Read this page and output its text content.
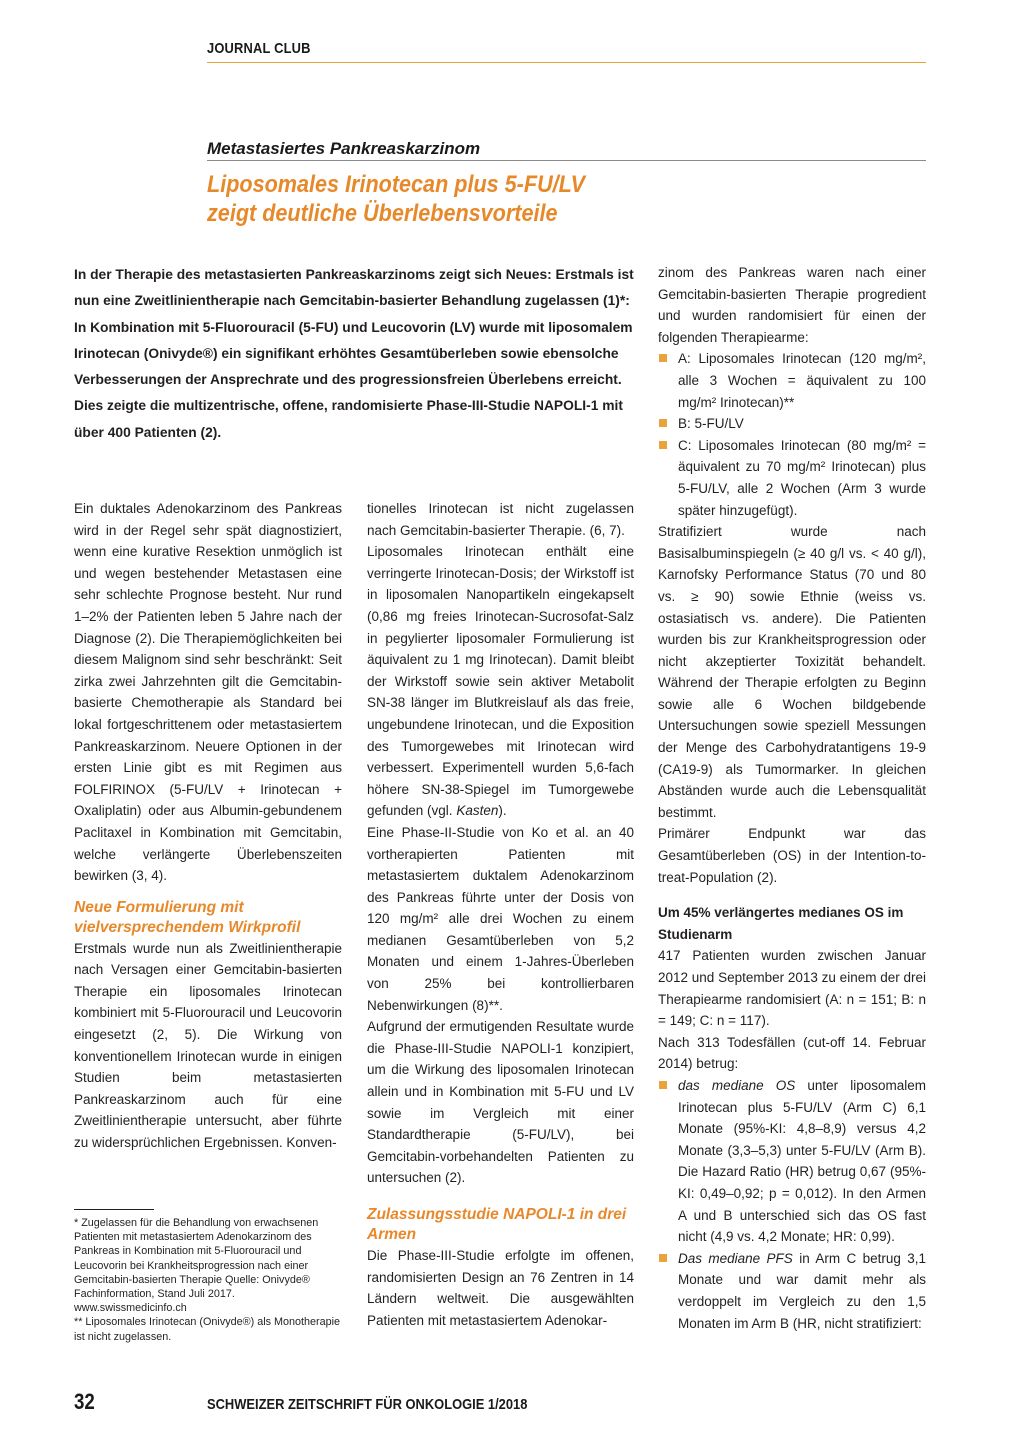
JOURNAL CLUB
Metastasiertes Pankreaskarzinom
Liposomales Irinotecan plus 5-FU/LV
zeigt deutliche Überlebensvorteile

In der Therapie des metastasierten Pankreaskarzinoms zeigt sich Neues: Erstmals ist nun eine Zweitlinientherapie nach Gemcitabin-basierter Behandlung zugelassen (1)*: In Kombination mit 5-Fluorouracil (5-FU) und Leucovorin (LV) wurde mit liposomalem Irinotecan (Onivyde®) ein signifikant erhöhtes Gesamtüberleben sowie ebensolche Verbesserungen der Ansprechrate und des progressionsfreien Überlebens erreicht. Dies zeigte die multizentrische, offene, randomisierte Phase-III-Studie NAPOLI-1 mit über 400 Patienten (2).

Ein duktales Adenokarzinom des Pankreas wird in der Regel sehr spät diagnostiziert, wenn eine kurative Resektion unmöglich ist und wegen bestehender Metastasen eine sehr schlechte Prognose besteht. Nur rund 1–2% der Patienten leben 5 Jahre nach der Diagnose (2). Die Therapiemöglichkeiten bei diesem Malignom sind sehr beschränkt: Seit zirka zwei Jahrzehnten gilt die Gemcitabin-basierte Chemotherapie als Standard bei lokal fortgeschrittenem oder metastasiertem Pankreaskarzinom. Neuere Optionen in der ersten Linie gibt es mit Regimen aus FOLFIRINOX (5-FU/LV + Irinotecan + Oxaliplatin) oder aus Albumin-gebundenem Paclitaxel in Kombination mit Gemcitabin, welche verlängerte Überlebenszeiten bewirken (3, 4).

Neue Formulierung mit vielversprechendem Wirkprofil

Erstmals wurde nun als Zweitlinientherapie nach Versagen einer Gemcitabin-basierten Therapie ein liposomales Irinotecan kombiniert mit 5-Fluorouracil und Leucovorin eingesetzt (2, 5). Die Wirkung von konventionellem Irinotecan wurde in einigen Studien beim metastasierten Pankreaskarzinom auch für eine Zweitlinientherapie untersucht, aber führte zu widersprüchlichen Ergebnissen. Konven-

* Zugelassen für die Behandlung von erwachsenen Patienten mit metastasiertem Adenokarzinom des Pankreas in Kombination mit 5-Fluorouracil und Leucovorin bei Krankheitsprogression nach einer Gemcitabin-basierten Therapie Quelle: Onivyde® Fachinformation, Stand Juli 2017. www.swissmedicinfo.ch

** Liposomales Irinotecan (Onivyde®) als Monotherapie ist nicht zugelassen.

tionelles Irinotecan ist nicht zugelassen nach Gemcitabin-basierter Therapie. (6, 7).

Liposomales Irinotecan enthält eine verringerte Irinotecan-Dosis; der Wirkstoff ist in liposomalen Nanopartikeln eingekapselt (0,86 mg freies Irinotecan-Sucrosofat-Salz in pegylierter liposomaler Formulierung ist äquivalent zu 1 mg Irinotecan). Damit bleibt der Wirkstoff sowie sein aktiver Metabolit SN-38 länger im Blutkreislauf als das freie, ungebundene Irinotecan, und die Exposition des Tumorgewebes mit Irinotecan wird verbessert. Experimentell wurden 5,6-fach höhere SN-38-Spiegel im Tumorgewebe gefunden (vgl. Kasten).

Eine Phase-II-Studie von Ko et al. an 40 vortherapierten Patienten mit metastasiertem duktalem Adenokarzinom des Pankreas führte unter der Dosis von 120 mg/m² alle drei Wochen zu einem medianen Gesamtüberleben von 5,2 Monaten und einem 1-Jahres-Überleben von 25% bei kontrollierbaren Nebenwirkungen (8)**.

Aufgrund der ermutigenden Resultate wurde die Phase-III-Studie NAPOLI-1 konzipiert, um die Wirkung des liposomalen Irinotecan allein und in Kombination mit 5-FU und LV sowie im Vergleich mit einer Standardtherapie (5-FU/LV), bei Gemcitabin-vorbehandelten Patienten zu untersuchen (2).

Zulassungsstudie NAPOLI-1 in drei Armen

Die Phase-III-Studie erfolgte im offenen, randomisierten Design an 76 Zentren in 14 Ländern weltweit. Die ausgewählten Patienten mit metastasiertem Adenokar-

zinom des Pankreas waren nach einer Gemcitabin-basierten Therapie progredient und wurden randomisiert für einen der folgenden Therapiearme:

A: Liposomales Irinotecan (120 mg/m², alle 3 Wochen = äquivalent zu 100 mg/m² Irinotecan)**

B: 5-FU/LV

C: Liposomales Irinotecan (80 mg/m² = äquivalent zu 70 mg/m² Irinotecan) plus 5-FU/LV, alle 2 Wochen (Arm 3 wurde später hinzugefügt).

Stratifiziert wurde nach Basisalbuminspiegeln (≥ 40 g/l vs. < 40 g/l), Karnofsky Performance Status (70 und 80 vs. ≥ 90) sowie Ethnie (weiss vs. ostasiatisch vs. andere). Die Patienten wurden bis zur Krankheitsprogression oder nicht akzeptierter Toxizität behandelt. Während der Therapie erfolgten zu Beginn sowie alle 6 Wochen bildgebende Untersuchungen sowie speziell Messungen der Menge des Carbohydratantigens 19-9 (CA19-9) als Tumormarker. In gleichen Abständen wurde auch die Lebensqualität bestimmt.

Primärer Endpunkt war das Gesamtüberleben (OS) in der Intention-to-treat-Population (2).

Um 45% verlängertes medianes OS im Studienarm

417 Patienten wurden zwischen Januar 2012 und September 2013 zu einem der drei Therapiearme randomisiert (A: n = 151; B: n = 149; C: n = 117).

Nach 313 Todesfällen (cut-off 14. Februar 2014) betrug:

das mediane OS unter liposomalem Irinotecan plus 5-FU/LV (Arm C) 6,1 Monate (95%-KI: 4,8–8,9) versus 4,2 Monate (3,3–5,3) unter 5-FU/LV (Arm B). Die Hazard Ratio (HR) betrug 0,67 (95%-KI: 0,49–0,92; p = 0,012). In den Armen A und B unterschied sich das OS fast nicht (4,9 vs. 4,2 Monate; HR: 0,99).

Das mediane PFS in Arm C betrug 3,1 Monate und war damit mehr als verdoppelt im Vergleich zu den 1,5 Monaten im Arm B (HR, nicht stratifiziert:

32	SCHWEIZER ZEITSCHRIFT FÜR ONKOLOGIE 1/2018
